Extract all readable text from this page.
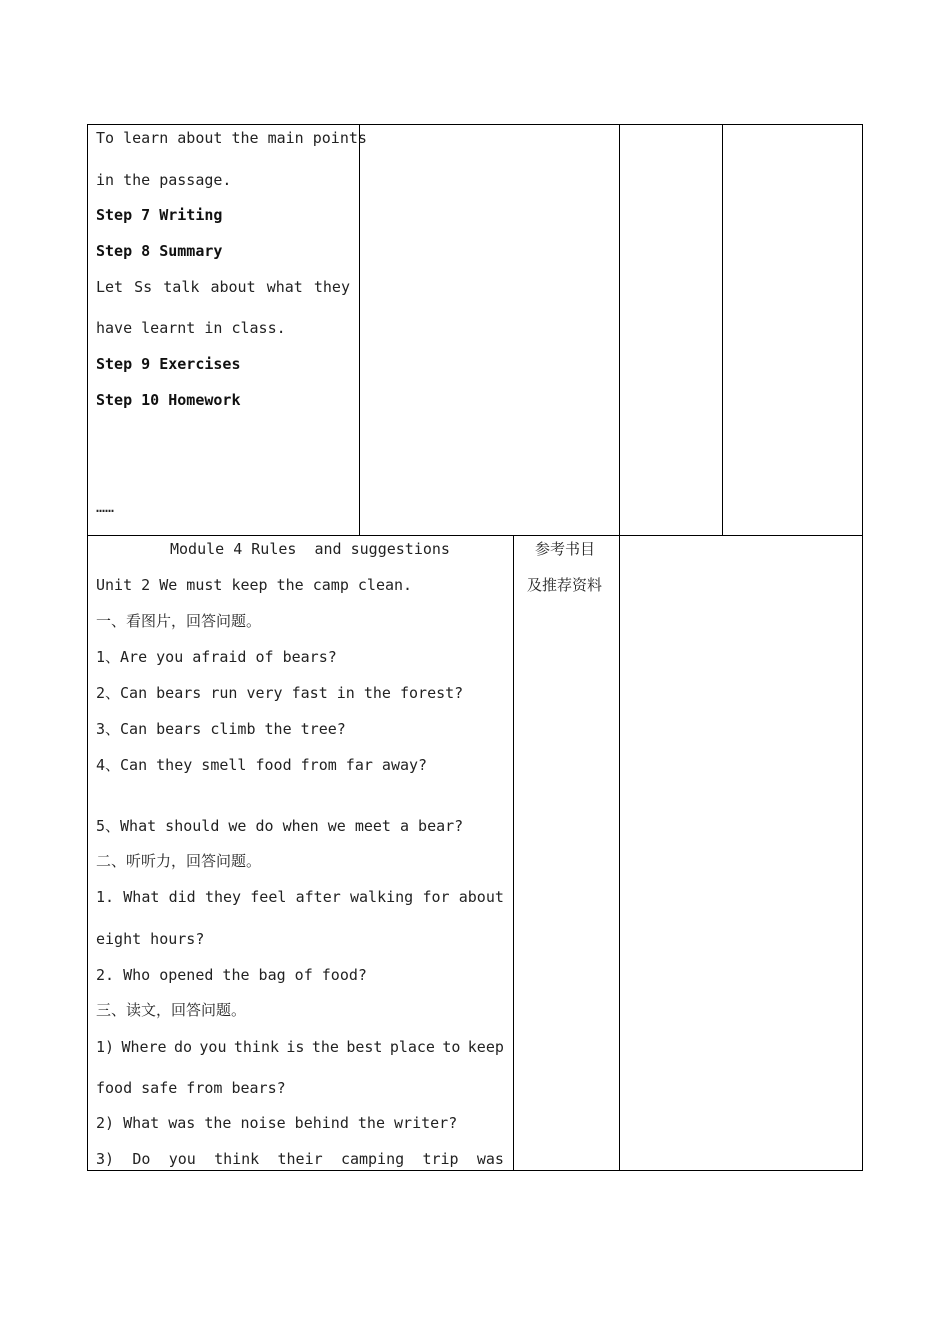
To learn about the main points
in the passage.
Step 7 Writing
Step 8 Summary
Let Ss talk about what they
have learnt in class.
Step 9 Exercises
Step 10 Homework
……
Module 4 Rules  and suggestions
Unit 2 We must keep the camp clean.
一、看图片，回答问题。
1、Are you afraid of bears?
2、Can bears run very fast in the forest?
3、Can bears climb the tree?
4、Can they smell food from far away?
5、What should we do when we meet a bear?
二、听听力，回答问题。
1. What did they feel after walking for about
eight hours?
2. Who opened the bag of food?
三、读文，回答问题。
1) Where do you think is the best place to keep
food safe from bears?
2) What was the noise behind the writer?
3) Do you think their camping trip was
参考书目
及推荐资料
